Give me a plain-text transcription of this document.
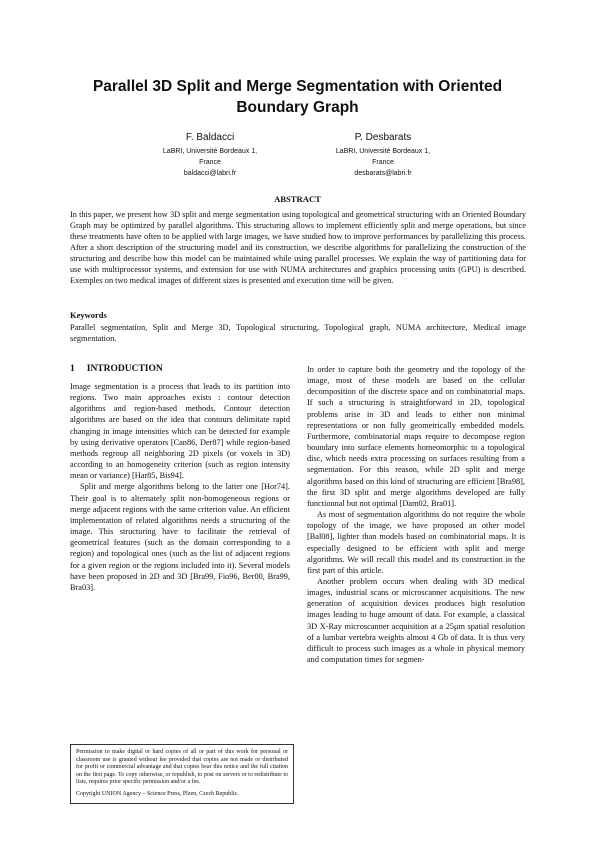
Parallel 3D Split and Merge Segmentation with Oriented Boundary Graph
F. Baldacci
LaBRI, Université Bordeaux 1,
France
baldacci@labri.fr
P. Desbarats
LaBRI, Université Bordeaux 1,
France
desbarats@labri.fr
ABSTRACT
In this paper, we present how 3D split and merge segmentation using topological and geometrical structuring with an Oriented Boundary Graph may be optimized by parallel algorithms. This structuring allows to implement efficiently split and merge operations, but since these treatments have often to be applied with large images, we have studied how to improve performances by parallelizing this process. After a short description of the structuring model and its construction, we describe algorithms for parallelizing the construction of the structuring and describe how this model can be maintained while using parallel processes. We explain the way of partitioning data for use with multiprocessor systems, and extension for use with NUMA architectures and graphics processing units (GPU) is described. Exemples on two medical images of different sizes is presented and execution time will be given.
Keywords
Parallel segmentation, Split and Merge 3D, Topological structuring, Topological graph, NUMA architecture, Medical image segmentation.
1 INTRODUCTION

Image segmentation is a process that leads to its partition into regions. Two main approaches exists : contour detection algorithms and region-based methods. Contour detection algorithms are based on the idea that contours delimitate rapid changing in image intensities which can be detected for example by using derivative operators [Can86, Der87] while region-based methods regroup all neighboring 2D pixels (or voxels in 3D) according to an homogeneity criterion (such as region intensity mean or variance) [Har85, Bis94].

Split and merge algorithms belong to the latter one [Hor74]. Their goal is to alternately split non-homogeneous regions or merge adjacent regions with the same criterion value. An efficient implementation of related algorithms needs a structuring of the image. This structuring have to facilitate the retrieval of geometrical features (such as the domain corresponding to a region) and topological ones (such as the list of adjacent regions for a given region or the regions included into it). Several models have been proposed in 2D and 3D [Bra99, Fio96, Ber00, Bra99, Bra03].

In order to capture both the geometry and the topology of the image, most of these models are based on the cellular decomposition of the discrete space and on combinatorial maps. If such a structuring is straightforward in 2D, topological problems arise in 3D and leads to either non minimal representations or non fully geometrically embedded models. Furthermore, combinatorial maps require to decompose region boundary into surface elements homeomorphic to a topological disc, which needs extra processing on surfaces resulting from a segmentation. For this reason, while 2D split and merge algorithms based on this kind of structuring are efficient [Bra98], the first 3D split and merge algorithms developed are fully functionnal but not optimal [Dam02, Bra01].

As most of segmentation algorithms do not require the whole topology of the image, we have proposed an other model [Bal08], lighter than models based on combinatorial maps. It is especially designed to be efficient with split and merge algorithms. We will recall this model and its construction in the first part of this article.

Another problem occurs when dealing with 3D medical images, industrial scans or microscanner acquisitions. The new generation of acquisition devices produces high resolution images leading to huge amount of data. For example, a classical 3D X-Ray microscanner acquisition at a 25μm spatial resolution of a lumbar vertebra weights almost 4 Gb of data. It is thus very difficult to process such images as a whole in physical memory and computation times for segmen-

Permission to make digital or hard copies of all or part of this work for personal or classroom use is granted without fee provided that copies are not made or distributed for profit or commercial advantage and that copies bear this notice and the full citation on the first page. To copy otherwise, or republish, to post on servers or to redistribute to lists, requires prior specific permission and/or a fee.

Copyright UNION Agency – Science Press, Plzen, Czech Republic.
